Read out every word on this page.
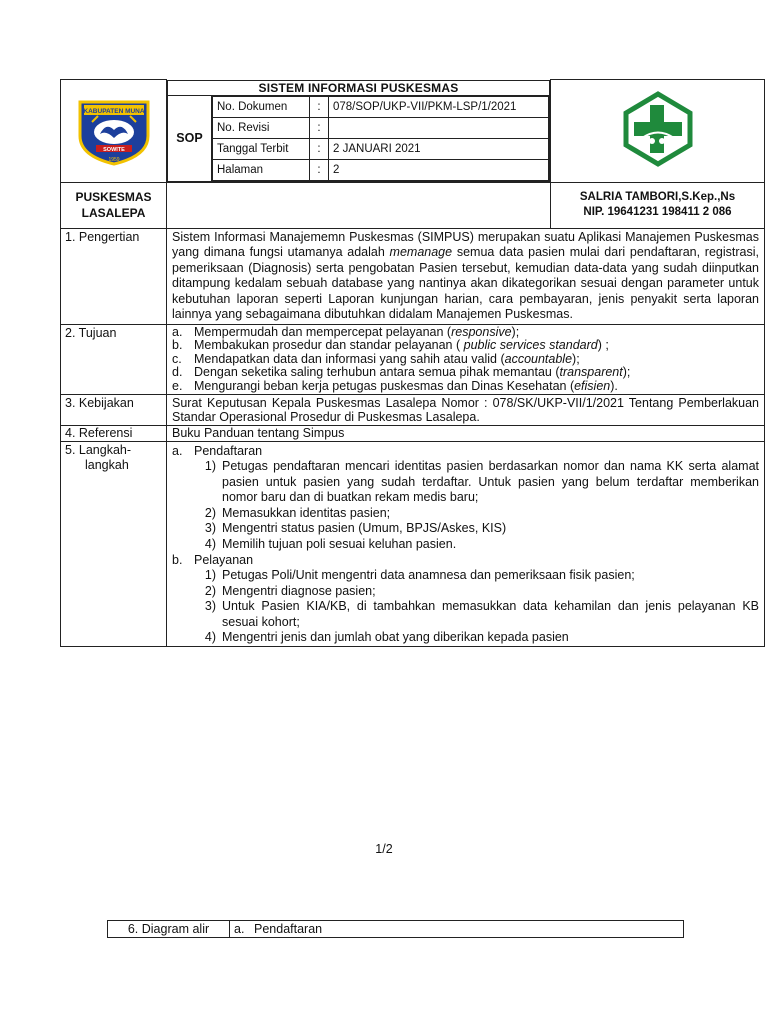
KABUPATEN MUNA
SOWITE
1959

SISTEM INFORMASI PUSKESMAS
SOP	
No. Dokumen	:	078/SOP/UKP-VII/PKM-LSP/1/2021
No. Revisi	:	
Tanggal Terbit	:	2 JANUARI 2021
Halaman	:	2

PUSKESMAS
LASALEPA

SALRIA TAMBORI,S.Kep.,Ns
NIP. 19641231 198411 2 086

1. Pengertian	Sistem Informasi Manajememn Puskesmas (SIMPUS) merupakan suatu Aplikasi Manajemen Puskesmas yang dimana fungsi utamanya adalah memanage semua data pasien mulai dari pendaftaran, registrasi, pemeriksaan (Diagnosis) serta pengobatan Pasien tersebut, kemudian data-data yang sudah diinputkan ditampung kedalam sebuah database yang nantinya akan dikategorikan sesuai dengan parameter untuk kebutuhan laporan seperti Laporan kunjungan harian, cara pembayaran, jenis penyakit serta laporan lainnya yang sebagaimana dibutuhkan didalam Manajemen Puskesmas.
2. Tujuan	a. Mempermudah dan mempercepat pelayanan (responsive);
b. Membakukan prosedur dan standar pelayanan ( public services standard) ;
c. Mendapatkan data dan informasi yang sahih atau valid (accountable);
d. Dengan seketika saling terhubun antara semua pihak memantau (transparent);
e. Mengurangi beban kerja petugas puskesmas dan Dinas Kesehatan (efisien).

3. Kebijakan	Surat Keputusan Kepala Puskesmas Lasalepa Nomor : 078/SK/UKP-VII/1/2021 Tentang Pemberlakuan Standar Operasional Prosedur di Puskesmas Lasalepa.
4. Referensi	Buku Panduan tentang Simpus

5. Langkah-
langkah

a. Pendaftaran
1) Petugas pendaftaran mencari identitas pasien berdasarkan nomor dan nama KK serta alamat pasien untuk pasien yang sudah terdaftar. Untuk pasien yang belum terdaftar memberikan nomor baru dan di buatkan rekam medis baru;
2) Memasukkan identitas pasien;
3) Mengentri status pasien (Umum, BPJS/Askes, KIS)
4) Memilih tujuan poli sesuai keluhan pasien.
b. Pelayanan
1) Petugas Poli/Unit mengentri data anamnesa dan pemeriksaan fisik pasien;
2) Mengentri diagnose pasien;
3) Untuk Pasien KIA/KB, di tambahkan memasukkan data kehamilan dan jenis pelayanan KB sesuai kohort;
4) Mengentri jenis dan jumlah obat yang diberikan kepada pasien
1/2
6. Diagram alir	a. Pendaftaran
